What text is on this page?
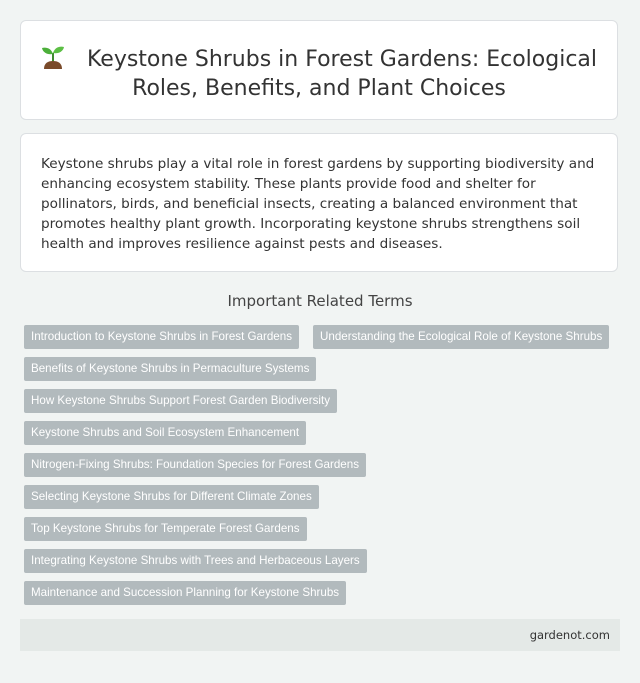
Keystone Shrubs in Forest Gardens: Ecological Roles, Benefits, and Plant Choices
Keystone shrubs play a vital role in forest gardens by supporting biodiversity and enhancing ecosystem stability. These plants provide food and shelter for pollinators, birds, and beneficial insects, creating a balanced environment that promotes healthy plant growth. Incorporating keystone shrubs strengthens soil health and improves resilience against pests and diseases.
Important Related Terms
Introduction to Keystone Shrubs in Forest Gardens	Understanding the Ecological Role of Keystone Shrubs
Benefits of Keystone Shrubs in Permaculture Systems
How Keystone Shrubs Support Forest Garden Biodiversity
Keystone Shrubs and Soil Ecosystem Enhancement
Nitrogen-Fixing Shrubs: Foundation Species for Forest Gardens
Selecting Keystone Shrubs for Different Climate Zones
Top Keystone Shrubs for Temperate Forest Gardens
Integrating Keystone Shrubs with Trees and Herbaceous Layers
Maintenance and Succession Planning for Keystone Shrubs
gardenot.com
